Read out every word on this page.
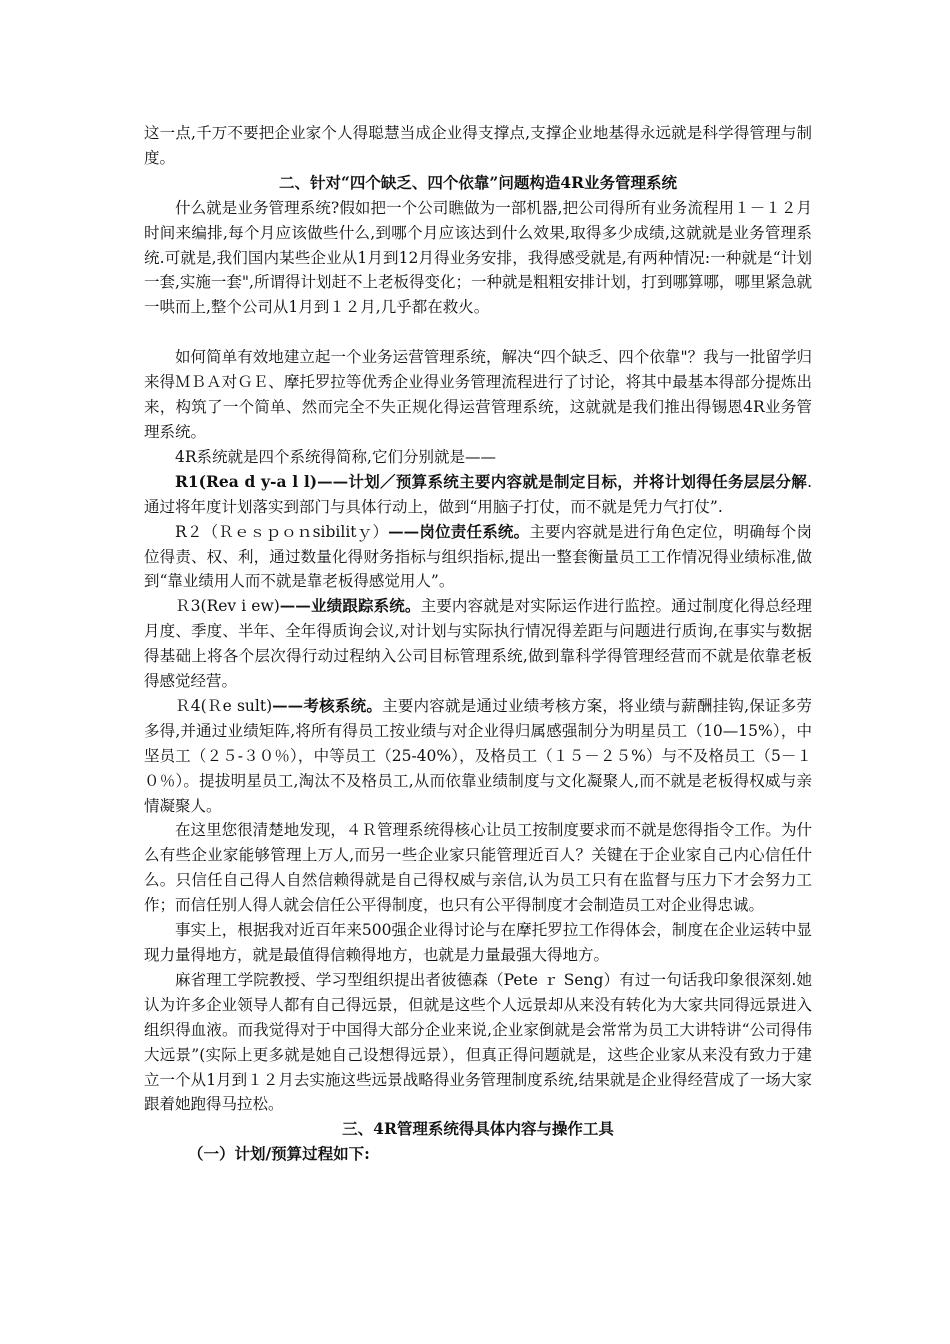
这一点,千万不要把企业家个人得聪慧当成企业得支撑点,支撑企业地基得永远就是科学得管理与制度。

二、针对“四个缺乏、四个依靠”问题构造4R业务管理系统

什么就是业务管理系统?假如把一个公司瞧做为一部机器,把公司得所有业务流程用１－１２月时间来编排,每个月应该做些什么,到哪个月应该达到什么效果,取得多少成绩,这就就是业务管理系统.可就是,我们国内某些企业从1月到12月得业务安排，我得感受就是,有两种情况:一种就是“计划一套,实施一套",所谓得计划赶不上老板得变化；一种就是粗粗安排计划，打到哪算哪，哪里紧急就一哄而上,整个公司从1月到１２月,几乎都在救火。

如何简单有效地建立起一个业务运营管理系统，解决“四个缺乏、四个依靠"？我与一批留学归来得ＭＢＡ对ＧＥ、摩托罗拉等优秀企业得业务管理流程进行了讨论，将其中最基本得部分提炼出来，构筑了一个简单、然而完全不失正规化得运营管理系统，这就就是我们推出得锡恩4R业务管理系统。

4R系统就是四个系统得简称,它们分别就是——

R1(Rea d y-a l l)——计划／预算系统主要内容就是制定目标，并将计划得任务层层分解.通过将年度计划落实到部门与具体行动上，做到“用脑子打仗，而不就是凭力气打仗”.

R２（Ｒｅｓｐｏｎsibilitｙ）——岗位责任系统。主要内容就是进行角色定位，明确每个岗位得责、权、利，通过数量化得财务指标与组织指标,提出一整套衡量员工工作情况得业绩标准,做到“靠业绩用人而不就是靠老板得感觉用人”。

Ｒ3(Rev i ew)——业绩跟踪系统。主要内容就是对实际运作进行监控。通过制度化得总经理月度、季度、半年、全年得质询会议,对计划与实际执行情况得差距与问题进行质询,在事实与数据得基础上将各个层次得行动过程纳入公司目标管理系统,做到靠科学得管理经营而不就是依靠老板得感觉经营。

Ｒ4(Ｒe sult)——考核系统。主要内容就是通过业绩考核方案，将业绩与薪酬挂钩,保证多劳多得,并通过业绩矩阵,将所有得员工按业绩与对企业得归属感强制分为明星员工（10—15%），中坚员工（２５-３０％），中等员工（25-40%），及格员工（１５－２５%）与不及格员工（5－１０％）。提拔明星员工,淘汰不及格员工,从而依靠业绩制度与文化凝聚人,而不就是老板得权威与亲情凝聚人。

在这里您很清楚地发现，４Ｒ管理系统得核心让员工按制度要求而不就是您得指令工作。为什么有些企业家能够管理上万人,而另一些企业家只能管理近百人？关键在于企业家自己内心信任什么。只信任自己得人自然信赖得就是自己得权威与亲信,认为员工只有在监督与压力下才会努力工作；而信任别人得人就会信任公平得制度，也只有公平得制度才会制造员工对企业得忠诚。

事实上，根据我对近百年来500强企业得讨论与在摩托罗拉工作得体会，制度在企业运转中显现力量得地方，就是最值得信赖得地方，也就是力量最强大得地方。

麻省理工学院教授、学习型组织提出者彼德森（Pete ｒ Seng）有过一句话我印象很深刻.她认为许多企业领导人都有自己得远景，但就是这些个人远景却从来没有转化为大家共同得远景进入组织得血液。而我觉得对于中国得大部分企业来说,企业家倒就是会常常为员工大讲特讲“公司得伟大远景”(实际上更多就是她自己设想得远景），但真正得问题就是，这些企业家从来没有致力于建立一个从1月到１２月去实施这些远景战略得业务管理制度系统,结果就是企业得经营成了一场大家跟着她跑得马拉松。

三、4R管理系统得具体内容与操作工具

（一）计划/预算过程如下:
